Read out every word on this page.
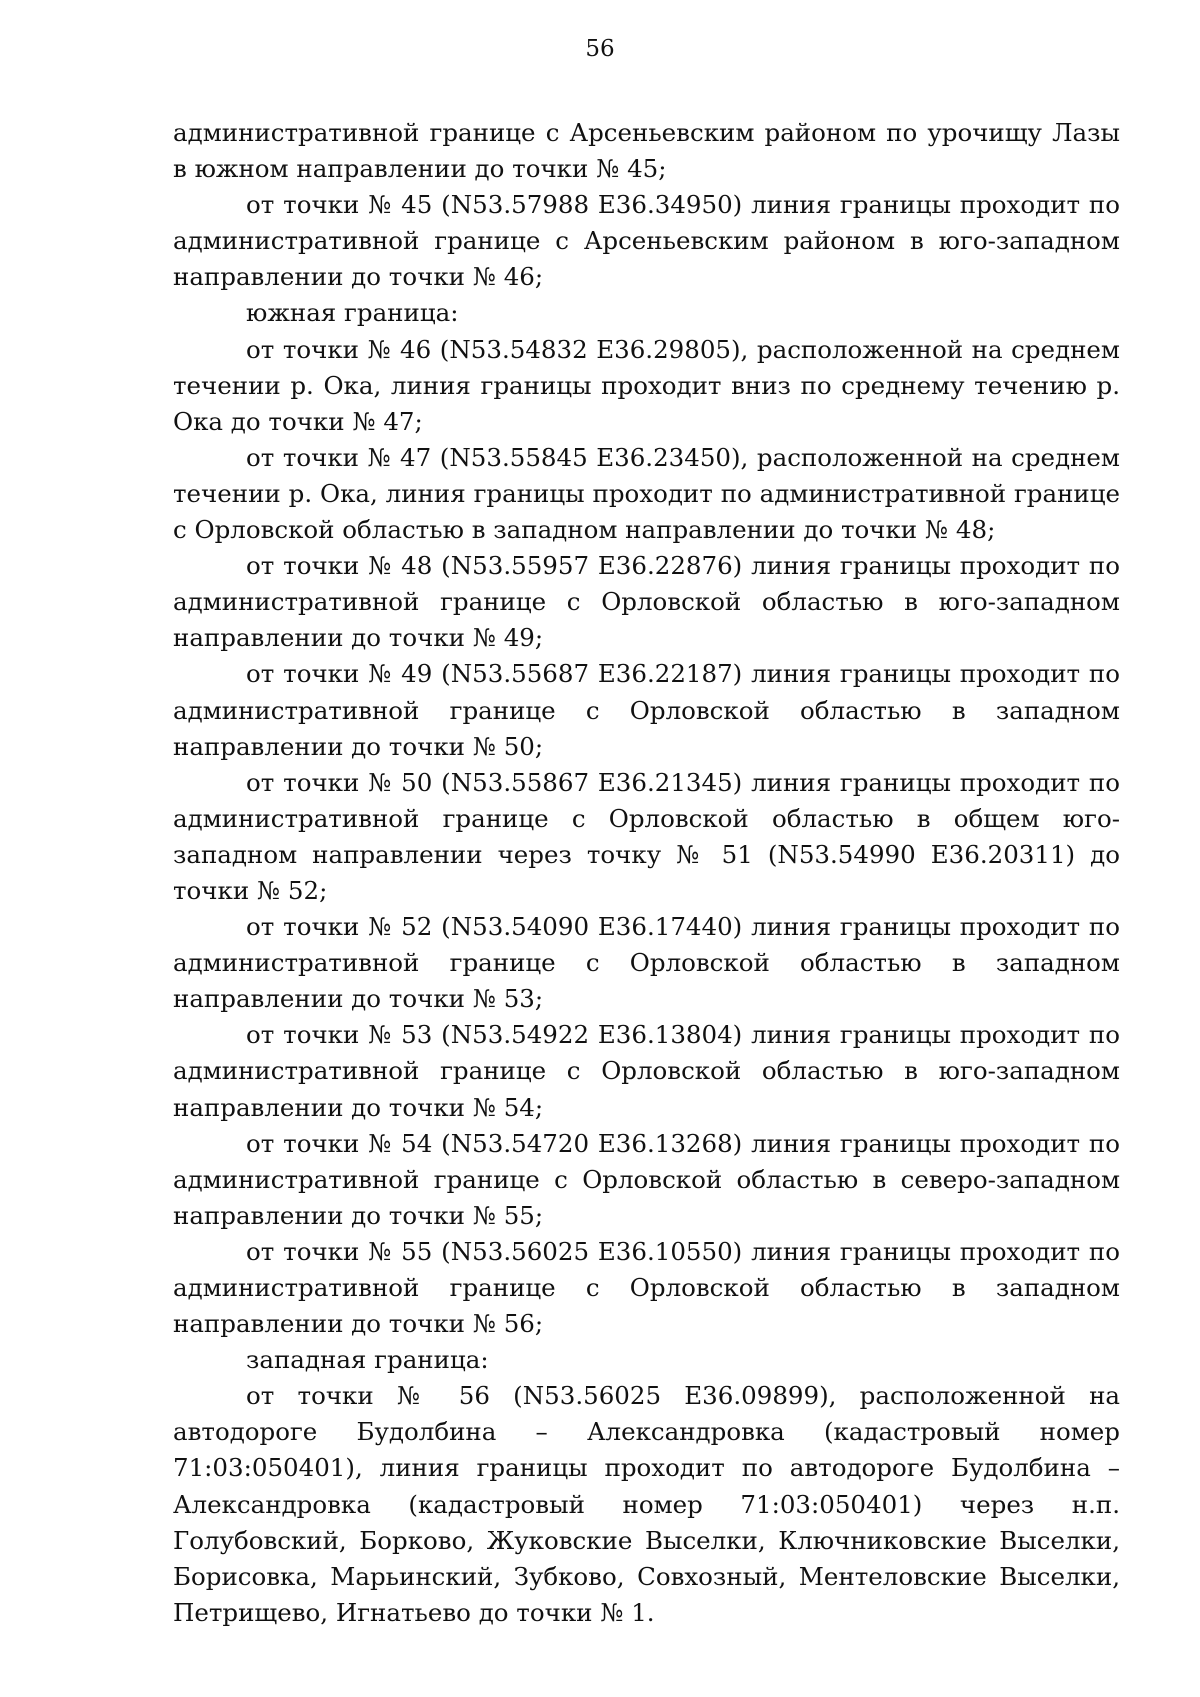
56

административной границе с Арсеньевским районом по урочищу Лазы в южном направлении до точки № 45;

от точки № 45 (N53.57988 E36.34950) линия границы проходит по административной границе с Арсеньевским районом в юго-западном направлении до точки № 46;

южная граница:

от точки № 46 (N53.54832 E36.29805), расположенной на среднем течении р. Ока, линия границы проходит вниз по среднему течению р. Ока до точки № 47;

от точки № 47 (N53.55845 E36.23450), расположенной на среднем течении р. Ока, линия границы проходит по административной границе с Орловской областью в западном направлении до точки № 48;

от точки № 48 (N53.55957 E36.22876) линия границы проходит по административной границе с Орловской областью в юго-западном направлении до точки № 49;

от точки № 49 (N53.55687 E36.22187) линия границы проходит по административной границе с Орловской областью в западном направлении до точки № 50;

от точки № 50 (N53.55867 E36.21345) линия границы проходит по административной границе с Орловской областью в общем юго-западном направлении через точку № 51 (N53.54990 E36.20311) до точки № 52;

от точки № 52 (N53.54090 E36.17440) линия границы проходит по административной границе с Орловской областью в западном направлении до точки № 53;

от точки № 53 (N53.54922 E36.13804) линия границы проходит по административной границе с Орловской областью в юго-западном направлении до точки № 54;

от точки № 54 (N53.54720 E36.13268) линия границы проходит по административной границе с Орловской областью в северо-западном направлении до точки № 55;

от точки № 55 (N53.56025 E36.10550) линия границы проходит по административной границе с Орловской областью в западном направлении до точки № 56;

западная граница:

от точки № 56 (N53.56025 E36.09899), расположенной на автодороге Будолбина – Александровка (кадастровый номер 71:03:050401), линия границы проходит по автодороге Будолбина – Александровка (кадастровый номер 71:03:050401) через н.п. Голубовский, Борково, Жуковские Выселки, Ключниковские Выселки, Борисовка, Марьинский, Зубково, Совхозный, Ментеловские Выселки, Петрищево, Игнатьево до точки № 1.
